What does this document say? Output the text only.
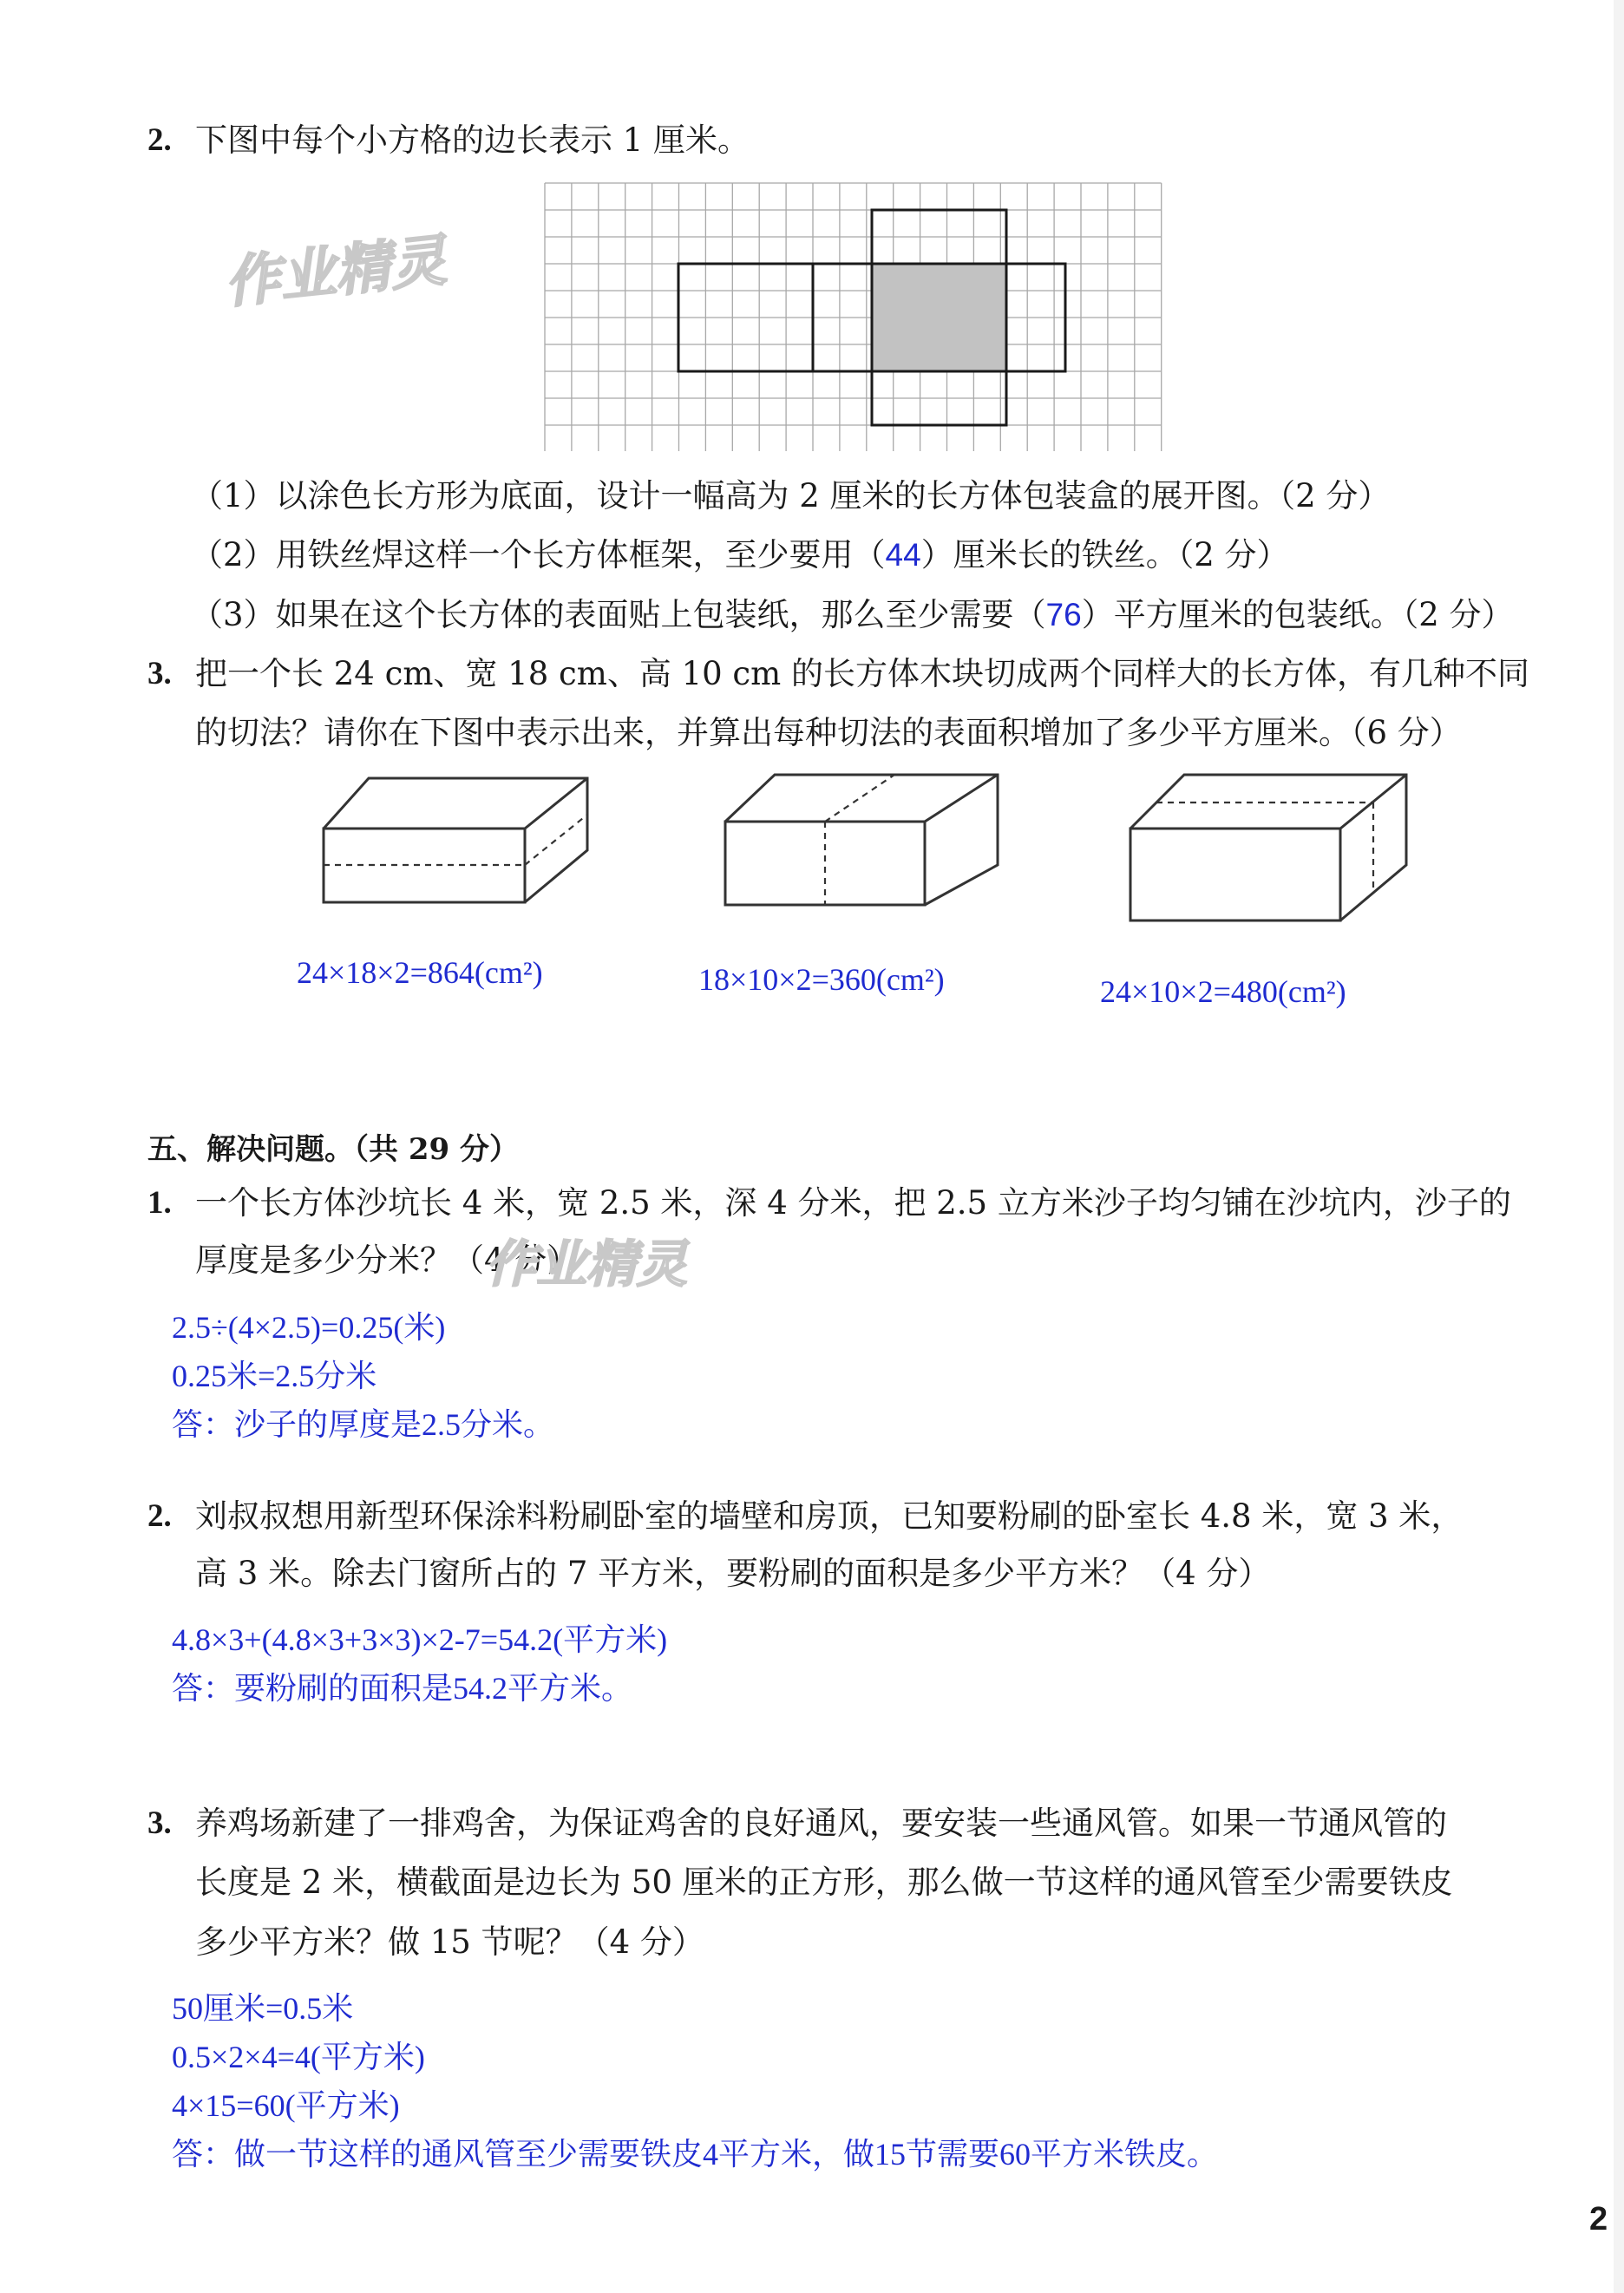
2. 下图中每个小方格的边长表示 1 厘米。
作业精灵
（1）以涂色长方形为底面，设计一幅高为 2 厘米的长方体包装盒的展开图。（2 分）
（2）用铁丝焊这样一个长方体框架，至少要用（44）厘米长的铁丝。（2 分）
（3）如果在这个长方体的表面贴上包装纸，那么至少需要（76）平方厘米的包装纸。（2 分）
3. 把一个长 24 cm、宽 18 cm、高 10 cm 的长方体木块切成两个同样大的长方体，有几种不同
的切法？请你在下图中表示出来，并算出每种切法的表面积增加了多少平方厘米。（6 分）
24×18×2=864(cm²)	18×10×2=360(cm²)	24×10×2=480(cm²)
五、解决问题。（共 29 分）
1. 一个长方体沙坑长 4 米，宽 2.5 米，深 4 分米，把 2.5 立方米沙子均匀铺在沙坑内，沙子的
厚度是多少分米？（4 分）
作业精灵
2.5÷(4×2.5)=0.25(米)
0.25米=2.5分米
答：沙子的厚度是2.5分米。
2. 刘叔叔想用新型环保涂料粉刷卧室的墙壁和房顶，已知要粉刷的卧室长 4.8 米，宽 3 米，
高 3 米。除去门窗所占的 7 平方米，要粉刷的面积是多少平方米？（4 分）
4.8×3+(4.8×3+3×3)×2-7=54.2(平方米)
答：要粉刷的面积是54.2平方米。
3. 养鸡场新建了一排鸡舍，为保证鸡舍的良好通风，要安装一些通风管。如果一节通风管的
长度是 2 米，横截面是边长为 50 厘米的正方形，那么做一节这样的通风管至少需要铁皮
多少平方米？做 15 节呢？（4 分）
50厘米=0.5米
0.5×2×4=4(平方米)
4×15=60(平方米)
答：做一节这样的通风管至少需要铁皮4平方米，做15节需要60平方米铁皮。
2
